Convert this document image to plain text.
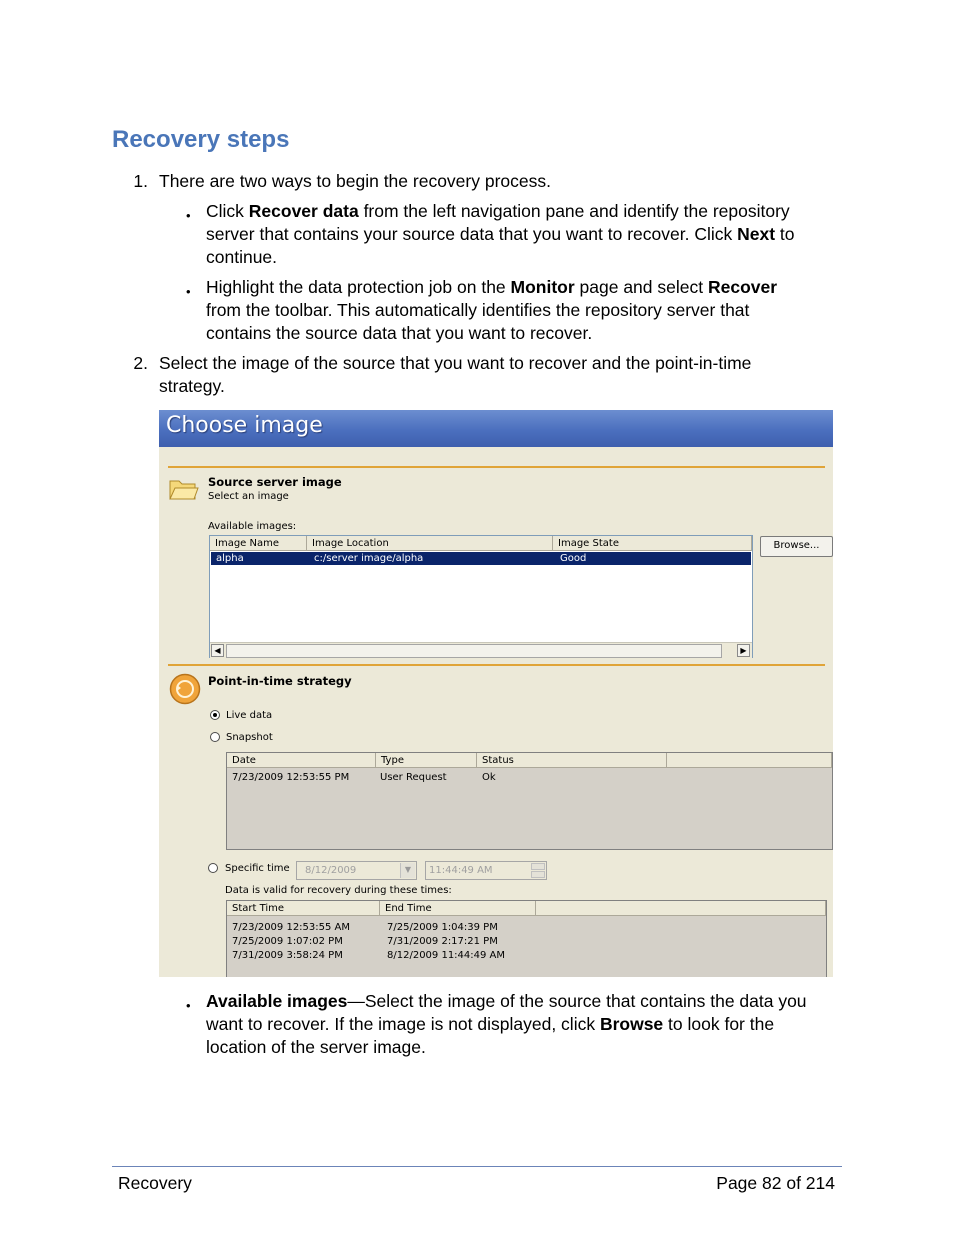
Recovery steps
1. There are two ways to begin the recovery process.
• Click Recover data from the left navigation pane and identify the repository
server that contains your source data that you want to recover. Click Next to
continue.
• Highlight the data protection job on the Monitor page and select Recover
from the toolbar. This automatically identifies the repository server that
contains the source data that you want to recover.
2. Select the image of the source that you want to recover and the point-in-time
strategy.
Choose image
Source server image
Select an image
Available images:
Image Name	Image Location	Image State
alpha	c:/server image/alpha	Good
◀	▶
Browse...
Point-in-time strategy
Live data
Snapshot
Date	Type	Status
7/23/2009 12:53:55 PM	User Request	Ok
Specific time	8/12/2009	▼	11:44:49 AM
Data is valid for recovery during these times:
Start Time	End Time
7/23/2009 12:53:55 AM	7/25/2009 1:04:39 PM
7/25/2009 1:07:02 PM	7/31/2009 2:17:21 PM
7/31/2009 3:58:24 PM	8/12/2009 11:44:49 AM
• Available images—Select the image of the source that contains the data you
want to recover. If the image is not displayed, click Browse to look for the
location of the server image.
Recovery	Page 82 of 214
